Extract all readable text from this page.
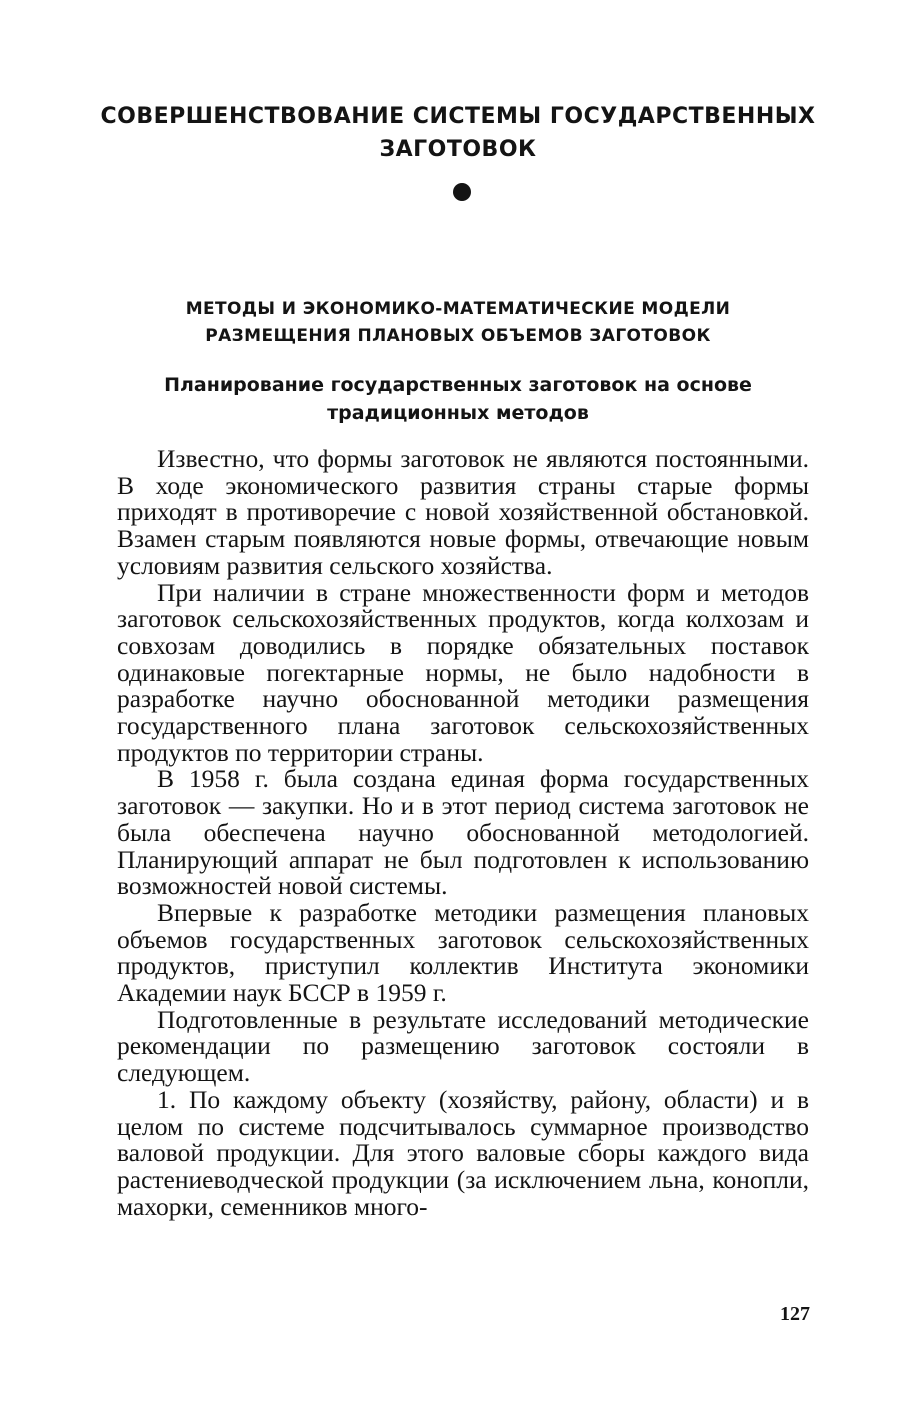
СОВЕРШЕНСТВОВАНИЕ СИСТЕМЫ ГОСУДАРСТВЕННЫХ
ЗАГОТОВОК
МЕТОДЫ И ЭКОНОМИКО-МАТЕМАТИЧЕСКИЕ МОДЕЛИ
РАЗМЕЩЕНИЯ ПЛАНОВЫХ ОБЪЕМОВ ЗАГОТОВОК
Планирование государственных заготовок на основе
традиционных методов

Известно, что формы заготовок не являются постоянными. В ходе экономического развития страны старые формы приходят в противоречие с новой хозяйственной обстановкой. Взамен старым появляются новые формы, отвечающие новым условиям развития сельского хозяйства.

При наличии в стране множественности форм и методов заготовок сельскохозяйственных продуктов, когда колхозам и совхозам доводились в порядке обязательных поставок одинаковые погектарные нормы, не было надобности в разработке научно обоснованной методики размещения государственного плана заготовок сельскохозяйственных продуктов по территории страны.

В 1958 г. была создана единая форма государственных заготовок — закупки. Но и в этот период система заготовок не была обеспечена научно обоснованной методологией. Планирующий аппарат не был подготовлен к использованию возможностей новой системы.

Впервые к разработке методики размещения плановых объемов государственных заготовок сельскохозяйственных продуктов, приступил коллектив Института экономики Академии наук БССР в 1959 г.

Подготовленные в результате исследований методические рекомендации по размещению заготовок состояли в следующем.

1. По каждому объекту (хозяйству, району, области) и в целом по системе подсчитывалось суммарное производство валовой продукции. Для этого валовые сборы каждого вида растениеводческой продукции (за исключением льна, конопли, махорки, семенников много-

127
